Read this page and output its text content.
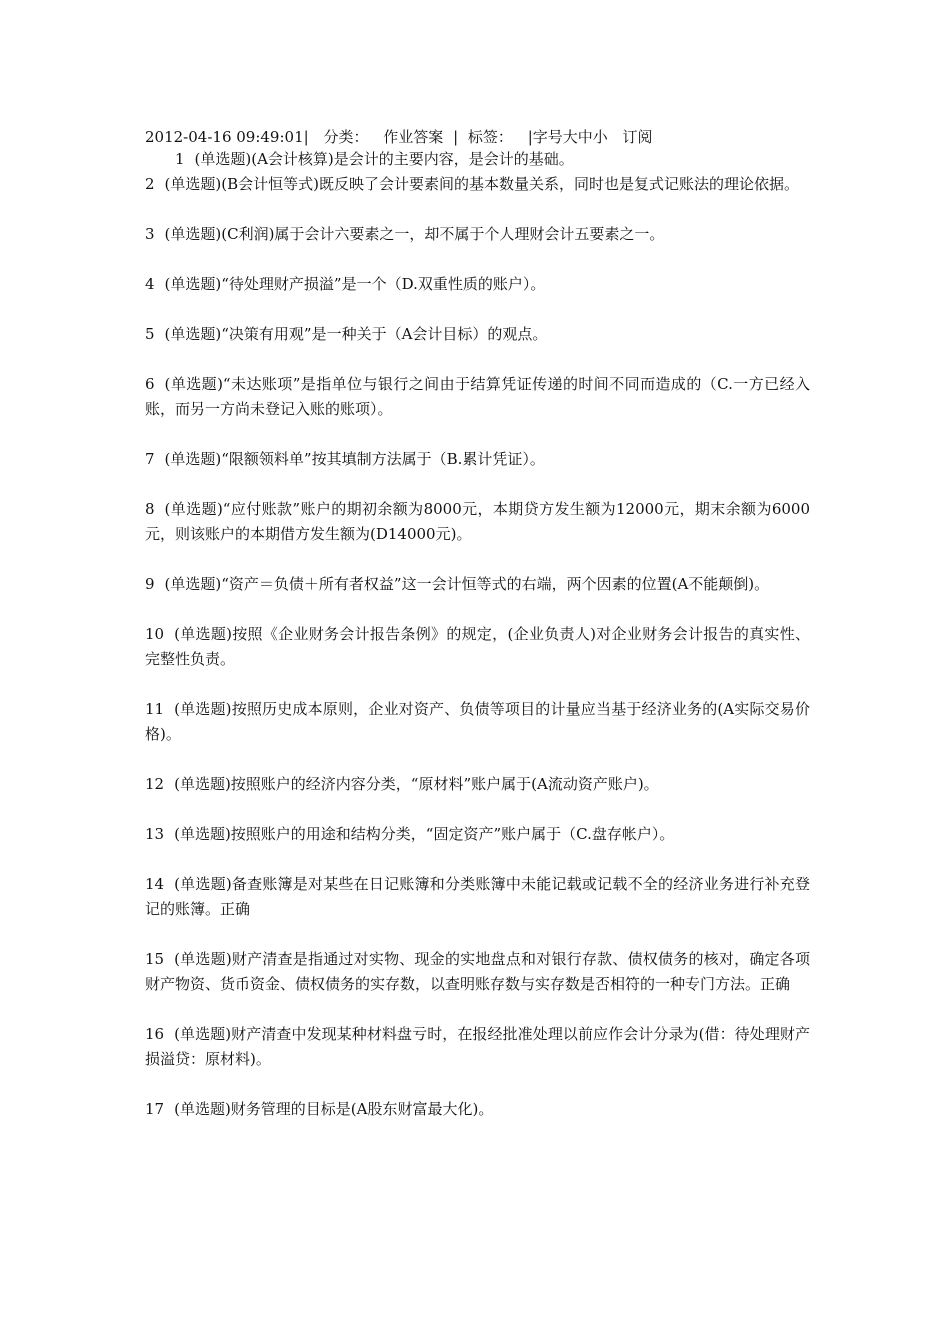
2012-04-16 09:49:01| 分类： 作业答案 | 标签： |字号大中小 订阅
1 (单选题)(A会计核算)是会计的主要内容，是会计的基础。
2 (单选题)(B会计恒等式)既反映了会计要素间的基本数量关系，同时也是复式记账法的理论依据。
3 (单选题)(C利润)属于会计六要素之一，却不属于个人理财会计五要素之一。
4 (单选题)“待处理财产损溢”是一个（D.双重性质的账户）。
5 (单选题)“决策有用观”是一种关于（A会计目标）的观点。
6 (单选题)“未达账项”是指单位与银行之间由于结算凭证传递的时间不同而造成的（C.一方已经入账，而另一方尚未登记入账的账项）。
7 (单选题)“限额领料单”按其填制方法属于（B.累计凭证）。
8 (单选题)“应付账款”账户的期初余额为8000元，本期贷方发生额为12000元，期末余额为6000元，则该账户的本期借方发生额为(D14000元)。
9 (单选题)“资产＝负债＋所有者权益”这一会计恒等式的右端，两个因素的位置(A不能颠倒)。
10 (单选题)按照《企业财务会计报告条例》的规定，(企业负责人)对企业财务会计报告的真实性、完整性负责。
11 (单选题)按照历史成本原则，企业对资产、负债等项目的计量应当基于经济业务的(A实际交易价格)。
12 (单选题)按照账户的经济内容分类，“原材料”账户属于(A流动资产账户)。
13 (单选题)按照账户的用途和结构分类，“固定资产”账户属于（C.盘存帐户）。
14 (单选题)备查账簿是对某些在日记账簿和分类账簿中未能记载或记载不全的经济业务进行补充登记的账簿。正确
15 (单选题)财产清查是指通过对实物、现金的实地盘点和对银行存款、债权债务的核对，确定各项财产物资、货币资金、债权债务的实存数，以查明账存数与实存数是否相符的一种专门方法。正确
16 (单选题)财产清查中发现某种材料盘亏时，在报经批准处理以前应作会计分录为(借：待处理财产损溢贷：原材料)。
17 (单选题)财务管理的目标是(A股东财富最大化)。
